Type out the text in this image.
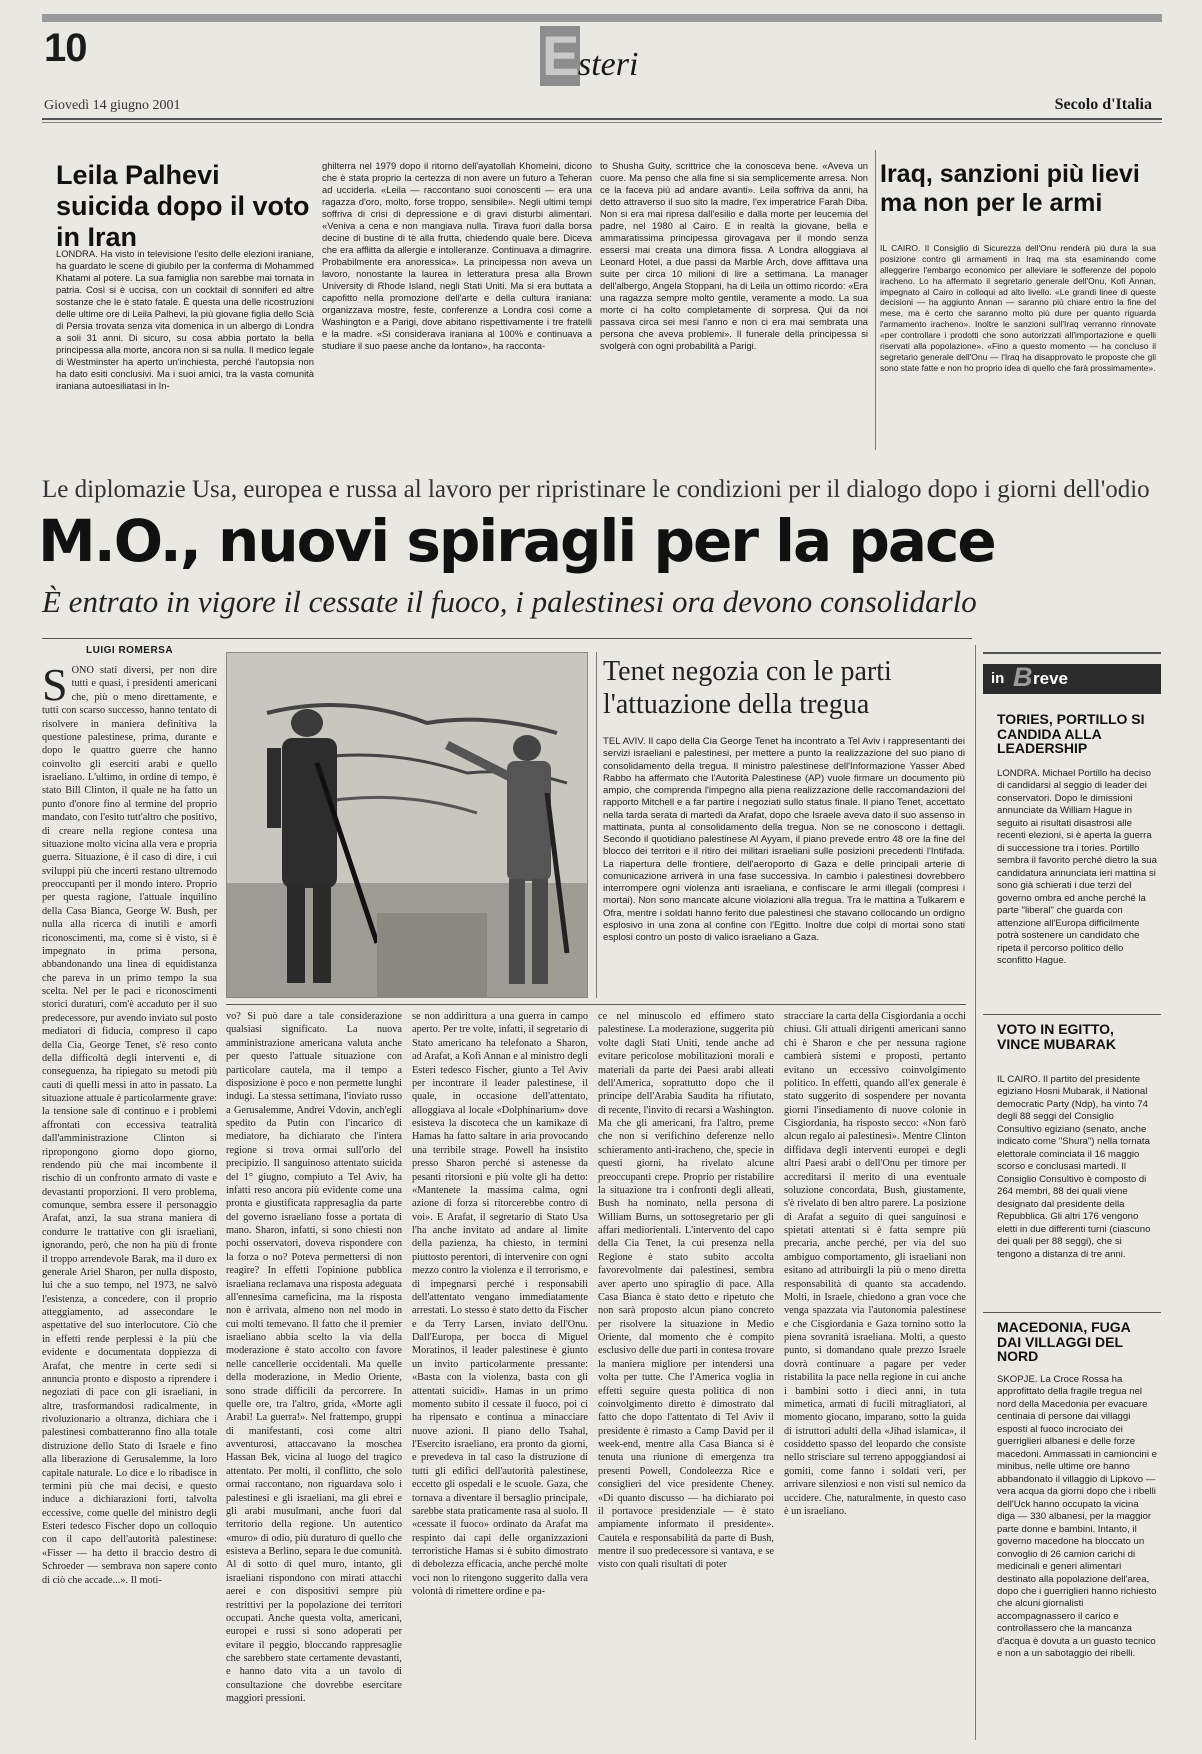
10	E
steri
Giovedì 14 giugno 2001	Secolo d'Italia
Leila Palhevi suicida dopo il voto in Iran
LONDRA. Ha visto in televisione l'esito delle elezioni iraniane, ha guardato le scene di giubilo per la conferma di Mohammed Khatami al potere. La sua famiglia non sarebbe mai tornata in patria. Così si è uccisa, con un cocktail di sonniferi ed altre sostanze che le è stato fatale. È questa una delle ricostruzioni delle ultime ore di Leila Palhevi, la più giovane figlia dello Scià di Persia trovata senza vita domenica in un albergo di Londra a soli 31 anni. Di sicuro, su cosa abbia portato la bella principessa alla morte, ancora non si sa nulla. Il medico legale di Westminster ha aperto un'inchiesta, perché l'autopsia non ha dato esiti conclusivi. Ma i suoi amici, tra la vasta comunità iraniana autoesiliatasi in In-
ghilterra nel 1979 dopo il ritorno dell'ayatollah Khomeini, dicono che è stata proprio la certezza di non avere un futuro a Teheran ad ucciderla. «Leila — raccontano suoi conoscenti — era una ragazza d'oro, molto, forse troppo, sensibile». Negli ultimi tempi soffriva di crisi di depressione e di gravi disturbi alimentari. «Veniva a cena e non mangiava nulla. Tirava fuori dalla borsa decine di bustine di tè alla frutta, chiedendo quale bere. Diceva che era afflitta da allergie e intolleranze. Continuava a dimagrire. Probabilmente era anoressica». La principessa non aveva un lavoro, nonostante la laurea in letteratura presa alla Brown University di Rhode Island, negli Stati Uniti. Ma si era buttata a capofitto nella promozione dell'arte e della cultura iraniana: organizzava mostre, feste, conferenze a Londra così come a Washington e a Parigi, dove abitano rispettivamente i tre fratelli e la madre. «Si considerava iraniana al 100% e continuava a studiare il suo paese anche da lontano», ha racconta-
to Shusha Guity, scrittrice che la conosceva bene. «Aveva un cuore. Ma penso che alla fine si sia semplicemente arresa. Non ce la faceva più ad andare avanti». Leila soffriva da anni, ha detto attraverso il suo sito la madre, l'ex imperatrice Farah Diba. Non si era mai ripresa dall'esilio e dalla morte per leucemia del padre, nel 1980 al Cairo. E in realtà la giovane, bella e ammaratissima principessa girovagava per il mondo senza essersi mai creata una dimora fissa. A Londra alloggiava al Leonard Hotel, a due passi da Marble Arch, dove affittava una suite per circa 10 milioni di lire a settimana. La manager dell'albergo, Angela Stoppani, ha di Leila un ottimo ricordo: «Era una ragazza sempre molto gentile, veramente a modo. La sua morte ci ha colto completamente di sorpresa. Qui da noi passava circa sei mesi l'anno e non ci era mai sembrata una persona che aveva problemi». Il funerale della principessa si svolgerà con ogni probabilità a Parigi.
Iraq, sanzioni più lievi ma non per le armi
IL CAIRO. Il Consiglio di Sicurezza dell'Onu renderà più dura la sua posizione contro gli armamenti in Iraq ma sta esaminando come alleggerire l'embargo economico per alleviare le sofferenze del popolo iracheno. Lo ha affermato il segretario generale dell'Onu, Kofi Annan, impegnato al Cairo in colloqui ad alto livello. «Le grandi linee di queste decisioni — ha aggiunto Annan — saranno più chiare entro la fine del mese, ma è certo che saranno molto più dure per quanto riguarda l'armamento iracheno». Inoltre le sanzioni sull'Iraq verranno rinnovate «per controllare i prodotti che sono autorizzati all'importazione e quelli riservati alla popolazione». «Fino a questo momento — ha concluso il segretario generale dell'Onu — l'Iraq ha disapprovato le proposte che gli sono state fatte e non ho proprio idea di quello che farà prossimamente».
Le diplomazie Usa, europea e russa al lavoro per ripristinare le condizioni per il dialogo dopo i giorni dell'odio
M.O., nuovi spiragli per la pace
È entrato in vigore il cessate il fuoco, i palestinesi ora devono consolidarlo
LUIGI ROMERSA
S ONO stati diversi, per non dire tutti e quasi, i presidenti americani che, più o meno direttamente, e tutti con scarso successo, hanno tentato di risolvere in maniera definitiva la questione palestinese, prima, durante e dopo le quattro guerre che hanno coinvolto gli eserciti arabi e quello israeliano. L'ultimo, in ordine di tempo, è stato Bill Clinton, il quale ne ha fatto un punto d'onore fino al termine del proprio mandato, con l'esito tutt'altro che positivo, di creare nella regione contesa una situazione molto vicina alla vera e propria guerra. Situazione, è il caso di dire, i cui sviluppi più che incerti restano ultremodo preoccupanti per il mondo intero. Proprio per questa ragione, l'attuale inquilino della Casa Bianca, George W. Bush, per nulla alla ricerca di inutili e amorfi riconoscimenti, ma, come si è visto, si è impegnato in prima persona, abbandonando una linea di equidistanza che pareva in un primo tempo la sua scelta. Nel per le paci e riconoscimenti storici duraturi, com'è accaduto per il suo predecessore, pur avendo inviato sul posto mediatori di fiducia, compreso il capo della Cia, George Tenet, s'è reso conto della difficoltà degli interventi e, di conseguenza, ha ripiegato su metodi più cauti di quelli messi in atto in passato. La situazione attuale è particolarmente grave: la tensione sale di continuo e i problemi affrontati con eccessiva teatralità dall'amministrazione Clinton si ripropongono giorno dopo giorno, rendendo più che mai incombente il rischio di un confronto armato di vaste e devastanti proporzioni. Il vero problema, comunque, sembra essere il personaggio Arafat, anzi, la sua strana maniera di condurre le trattative con gli israeliani, ignorando, però, che non ha più di fronte il troppo arrendevole Barak, ma il duro ex generale Ariel Sharon, per nulla disposto, lui che a suo tempo, nel 1973, ne salvò l'esistenza, a concedere, con il proprio atteggiamento, ad assecondare le aspettative del suo interlocutore. Ciò che in effetti rende perplessi è la più che evidente e documentata doppiezza di Arafat, che mentre in certe sedi si annuncia pronto e disposto a riprendere i negoziati di pace con gli israeliani, in altre, trasformandosi radicalmente, in rivoluzionario a oltranza, dichiara che i palestinesi combatteranno fino alla totale distruzione dello Stato di Israele e fino alla liberazione di Gerusalemme, la loro capitale naturale. Lo dice e lo ribadisce in termini più che mai decisi, e questo induce a dichiarazioni forti, talvolta eccessive, come quelle del ministro degli Esteri tedesco Fischer dopo un colloquio con il capo dell'autorità palestinese: «Fisser — ha detto il braccio destro di Schroeder — sembrava non sapere conto di ciò che accade...». Il moti-
Tenet negozia con le parti l'attuazione della tregua
TEL AVIV. Il capo della Cia George Tenet ha incontrato a Tel Aviv i rappresentanti dei servizi israeliani e palestinesi, per mettere a punto la realizzazione del suo piano di consolidamento della tregua. Il ministro palestinese dell'Informazione Yasser Abed Rabbo ha affermato che l'Autorità Palestinese (AP) vuole firmare un documento più ampio, che comprenda l'impegno alla piena realizzazione delle raccomandazioni del rapporto Mitchell e a far partire i negoziati sullo status finale. Il piano Tenet, accettato nella tarda serata di martedì da Arafat, dopo che Israele aveva dato il suo assenso in mattinata, punta al consolidamento della tregua. Non se ne conoscono i dettagli. Secondo il quotidiano palestinese Al Ayyam, il piano prevede entro 48 ore la fine del blocco dei territori e il ritiro dei militari israeliani sulle posizioni precedenti l'Intifada. La riapertura delle frontiere, dell'aeroporto di Gaza e delle principali arterie di comunicazione arriverà in una fase successiva. In cambio i palestinesi dovrebbero interrompere ogni violenza anti israeliana, e confiscare le armi illegali (compresi i mortai). Non sono mancate alcune violazioni alla tregua. Tra le mattina a Tulkarem e Ofra, mentre i soldati hanno ferito due palestinesi che stavano collocando un ordigno esplosivo in una zona al confine con l'Egitto. Inoltre due colpi di mortai sono stati esplosi contro un posto di valico israeliano a Gaza.
vo? Si può dare a tale considerazione qualsiasi significato. La nuova amministrazione americana valuta anche per questo l'attuale situazione con particolare cautela, ma il tempo a disposizione è poco e non permette lunghi indugi. La stessa settimana, l'inviato russo a Gerusalemme, Andrei Vdovin, anch'egli spedito da Putin con l'incarico di mediatore, ha dichiarato che l'intera regione si trova ormai sull'orlo del precipizio. Il sanguinoso attentato suicida del 1° giugno, compiuto a Tel Aviv, ha infatti reso ancora più evidente come una pronta e giustificata rappresaglia da parte del governo israeliano fosse a portata di mano. Sharon, infatti, si sono chiesti non pochi osservatori, doveva rispondere con la forza o no? Poteva permettersi di non reagire? In effetti l'opinione pubblica israeliana reclamava una risposta adeguata all'ennesima carneficina, ma la risposta non è arrivata, almeno non nel modo in cui molti temevano. Il fatto che il premier israeliano abbia scelto la via della moderazione è stato accolto con favore nelle cancellerie occidentali. Ma quelle della moderazione, in Medio Oriente, sono strade difficili da percorrere. In quelle ore, tra l'altro, grida, «Morte agli Arabi! La guerra!». Nel frattempo, gruppi di manifestanti, così come altri avventurosi, attaccavano la moschea Hassan Bek, vicina al luogo del tragico attentato. Per molti, il conflitto, che solo ormai raccontano, non riguardava solo i palestinesi e gli israeliani, ma gli ebrei e gli arabi musulmani, anche fuori dal territorio della regione. Un autentico «muro» di odio, più duraturo di quello che esisteva a Berlino, separa le due comunità. Al di sotto di quel muro, intanto, gli israeliani rispondono con mirati attacchi aerei e con dispositivi sempre più restrittivi per la popolazione dei territori occupati. Anche questa volta, americani, europei e russi si sono adoperati per evitare il peggio, bloccando rappresaglie che sarebbero state certamente devastanti, e hanno dato vita a un tavolo di consultazione che dovrebbe esercitare maggiori pressioni.
se non addirittura a una guerra in campo aperto. Per tre volte, infatti, il segretario di Stato americano ha telefonato a Sharon, ad Arafat, a Kofi Annan e al ministro degli Esteri tedesco Fischer, giunto a Tel Aviv per incontrare il leader palestinese, il quale, in occasione dell'attentato, alloggiava al locale «Dolphinarium» dove esisteva la discoteca che un kamikaze di Hamas ha fatto saltare in aria provocando una terribile strage. Powell ha insistito presso Sharon perché si astenesse da pesanti ritorsioni e più volte gli ha detto: «Mantenete la massima calma, ogni azione di forza si ritorcerebbe contro di voi». E Arafat, il segretario di Stato Usa l'ha anche invitato ad andare al limite della pazienza, ha chiesto, in termini piuttosto perentori, di intervenire con ogni mezzo contro la violenza e il terrorismo, e di impegnarsi perché i responsabili dell'attentato vengano immediatamente arrestati. Lo stesso è stato detto da Fischer e da Terry Larsen, inviato dell'Onu. Dall'Europa, per bocca di Miguel Moratinos, il leader palestinese è giunto un invito particolarmente pressante: «Basta con la violenza, basta con gli attentati suicidi». Hamas in un primo momento subito il cessate il fuoco, poi ci ha ripensato e continua a minacciare nuove azioni. Il piano dello Tsahal, l'Esercito israeliano, era pronto da giorni, e prevedeva in tal caso la distruzione di tutti gli edifici dell'autorità palestinese, eccetto gli ospedali e le scuole. Gaza, che tornava a diventare il bersaglio principale, sarebbe stata praticamente rasa al suolo. Il «cessate il fuoco» ordinato da Arafat ma respinto dai capi delle organizzazioni terroristiche Hamas si è subito dimostrato di debolezza efficacia, anche perché molte voci non lo ritengono suggerito dalla vera volontà di rimettere ordine e pa-
ce nel minuscolo ed effimero stato palestinese. La moderazione, suggerita più volte dagli Stati Uniti, tende anche ad evitare pericolose mobilitazioni morali e materiali da parte dei Paesi arabi alleati dell'America, soprattutto dopo che il principe dell'Arabia Saudita ha rifiutato, di recente, l'invito di recarsi a Washington. Ma che gli americani, fra l'altro, preme che non si verifichino deferenze nello schieramento anti-iracheno, che, specie in questi giorni, ha rivelato alcune preoccupanti crepe. Proprio per ristabilire la situazione tra i confronti degli alleati, Bush ha nominato, nella persona di William Burns, un sottosegretario per gli affari mediorientali. L'intervento del capo della Cia Tenet, la cui presenza nella Regione è stato subito accolta favorevolmente dai palestinesi, sembra aver aperto uno spiraglio di pace. Alla Casa Bianca è stato detto e ripetuto che non sarà proposto alcun piano concreto per risolvere la situazione in Medio Oriente, dal momento che è compito esclusivo delle due parti in contesa trovare la maniera migliore per intendersi una volta per tutte. Che l'America voglia in effetti seguire questa politica di non coinvolgimento diretto è dimostrato dal fatto che dopo l'attentato di Tel Aviv il presidente è rimasto a Camp David per il week-end, mentre alla Casa Bianca si è tenuta una riunione di emergenza tra presenti Powell, Condoleezza Rice e consiglieri del vice presidente Cheney. «Di quanto discusso — ha dichiarato poi il portavoce presidenziale — è stato ampiamente informato il presidente». Cautela e responsabilità da parte di Bush, mentre il suo predecessore si vantava, e se visto con quali risultati di poter
stracciare la carta della Cisgiordania a occhi chiusi. Gli attuali dirigenti americani sanno chi è Sharon e che per nessuna ragione cambierà sistemi e proposti, pertanto evitano un eccessivo coinvolgimento politico. In effetti, quando all'ex generale è stato suggerito di sospendere per novanta giorni l'insediamento di nuove colonie in Cisgiordania, ha risposto secco: «Non farò alcun regalo ai palestinesi». Mentre Clinton diffidava degli interventi europei e degli altri Paesi arabi o dell'Onu per timore per accreditarsi il merito di una eventuale soluzione concordata, Bush, giustamente, s'è rivelato di ben altro parere. La posizione di Arafat a seguito di quei sanguinosi e spietati attentati si è fatta sempre più precaria, anche perché, per via del suo ambiguo comportamento, gli israeliani non esitano ad attribuirgli la più o meno diretta responsabilità di quanto sta accadendo. Molti, in Israele, chiedono a gran voce che venga spazzata via l'autonomia palestinese e che Cisgiordania e Gaza tornino sotto la piena sovranità israeliana. Molti, a questo punto, si domandano quale prezzo Israele dovrà continuare a pagare per veder ristabilita la pace nella regione in cui anche i bambini sotto i dieci anni, in tuta mimetica, armati di fucili mitragliatori, al momento giocano, imparano, sotto la guida di istruttori adulti della «Jihad islamica», il cosiddetto spasso del leopardo che consiste nello strisciare sul terreno appoggiandosi ai gomiti, come fanno i soldati veri, per arrivare silenziosi e non visti sul nemico da uccidere. Che, naturalmente, in questo caso è un israeliano.
in B reve
TORIES, PORTILLO SI CANDIDA ALLA LEADERSHIP
LONDRA. Michael Portillo ha deciso di candidarsi al seggio di leader dei conservatori. Dopo le dimissioni annunciate da William Hague in seguito ai risultati disastrosi alle recenti elezioni, si è aperta la guerra di successione tra i tories. Portillo sembra il favorito perché dietro la sua candidatura annunciata ieri mattina si sono già schierati i due terzi del governo ombra ed anche perché la parte "liberal" che guarda con attenzione all'Europa difficilmente potrà sostenere un candidato che ripeta il percorso politico dello sconfitto Hague.
VOTO IN EGITTO, VINCE MUBARAK
IL CAIRO. Il partito del presidente egiziano Hosni Mubarak, il National democratic Party (Ndp), ha vinto 74 degli 88 seggi del Consiglio Consultivo egiziano (senato, anche indicato come "Shura") nella tornata elettorale cominciata il 16 maggio scorso e conclusasi martedì. Il Consiglio Consultivo è composto di 264 membri, 88 dei quali viene designato dal presidente della Repubblica. Gli altri 176 vengono eletti in due differenti turni (ciascuno dei quali per 88 seggi), che si tengono a distanza di tre anni.
MACEDONIA, FUGA DAI VILLAGGI DEL NORD
SKOPJE. La Croce Rossa ha approfittato della fragile tregua nel nord della Macedonia per evacuare centinaia di persone dai villaggi esposti al fuoco incrociato dei guerriglieri albanesi e delle forze macedoni. Ammassati in camioncini e minibus, nelle ultime ore hanno abbandonato il villaggio di Lipkovo — vera acqua da giorni dopo che i ribelli dell'Uck hanno occupato la vicina diga — 330 albanesi, per la maggior parte donne e bambini. Intanto, il governo macedone ha bloccato un convoglio di 26 camion carichi di medicinali e generi alimentari destinato alla popolazione dell'area, dopo che i guerriglieri hanno richiesto che alcuni giornalisti accompagnassero il carico e controllassero che la mancanza d'acqua è dovuta a un guasto tecnico e non a un sabotaggio dei ribelli.
